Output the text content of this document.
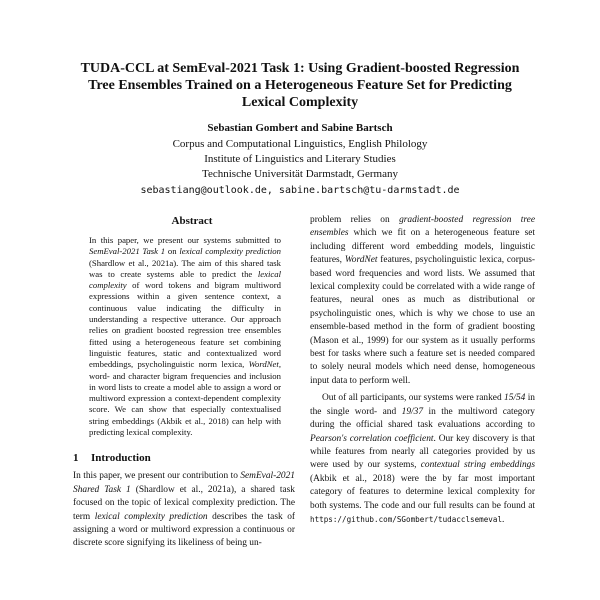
TUDA-CCL at SemEval-2021 Task 1: Using Gradient-boosted Regression
Tree Ensembles Trained on a Heterogeneous Feature Set for Predicting
Lexical Complexity
Sebastian Gombert and Sabine Bartsch
Corpus and Computational Linguistics, English Philology
Institute of Linguistics and Literary Studies
Technische Universität Darmstadt, Germany
sebastiang@outlook.de, sabine.bartsch@tu-darmstadt.de
Abstract
In this paper, we present our systems submitted to SemEval-2021 Task 1 on lexical complexity prediction (Shardlow et al., 2021a). The aim of this shared task was to create systems able to predict the lexical complexity of word tokens and bigram multiword expressions within a given sentence context, a continuous value indicating the difficulty in understanding a respective utterance. Our approach relies on gradient boosted regression tree ensembles fitted using a heterogeneous feature set combining linguistic features, static and contextualized word embeddings, psycholinguistic norm lexica, WordNet, word- and character bigram frequencies and inclusion in word lists to create a model able to assign a word or multiword expression a context-dependent complexity score. We can show that especially contextualised string embeddings (Akbik et al., 2018) can help with predicting lexical complexity.
1 Introduction

In this paper, we present our contribution to SemEval-2021 Shared Task 1 (Shardlow et al., 2021a), a shared task focused on the topic of lexical complexity prediction. The term lexical complexity prediction describes the task of assigning a word or multiword expression a continuous or discrete score signifying its likeliness of being un-

problem relies on gradient-boosted regression tree ensembles which we fit on a heterogeneous feature set including different word embedding models, linguistic features, WordNet features, psycholinguistic lexica, corpus-based word frequencies and word lists. We assumed that lexical complexity could be correlated with a wide range of features, neural ones as much as distributional or psycholinguistic ones, which is why we chose to use an ensemble-based method in the form of gradient boosting (Mason et al., 1999) for our system as it usually performs best for tasks where such a feature set is needed compared to solely neural models which need dense, homogeneous input data to perform well.

Out of all participants, our systems were ranked 15/54 in the single word- and 19/37 in the multiword category during the official shared task evaluations according to Pearson's correlation coefficient. Our key discovery is that while features from nearly all categories provided by us were used by our systems, contextual string embeddings (Akbik et al., 2018) were the by far most important category of features to determine lexical complexity for both systems. The code and our full results can be found at https://github.com/SGombert/tudacclsemeval.
